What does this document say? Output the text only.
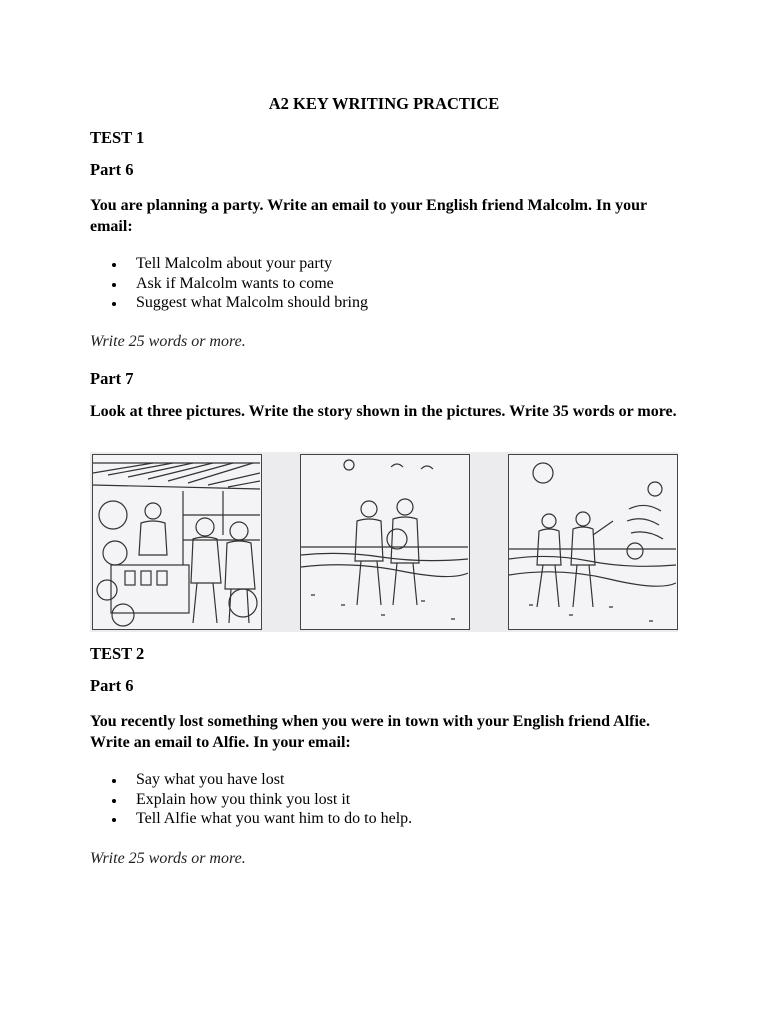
A2 KEY WRITING PRACTICE
TEST 1
Part 6
You are planning a party. Write an email to your English friend Malcolm. In your email:
Tell Malcolm about your party
Ask if Malcolm wants to come
Suggest what Malcolm should bring
Write 25 words or more.
Part 7
Look at three pictures. Write the story shown in the pictures. Write 35 words or more.
TEST 2
Part 6
You recently lost something when you were in town with your English friend Alfie. Write an email to Alfie. In your email:
Say what you have lost
Explain how you think you lost it
Tell Alfie what you want him to do to help.
Write 25 words or more.
